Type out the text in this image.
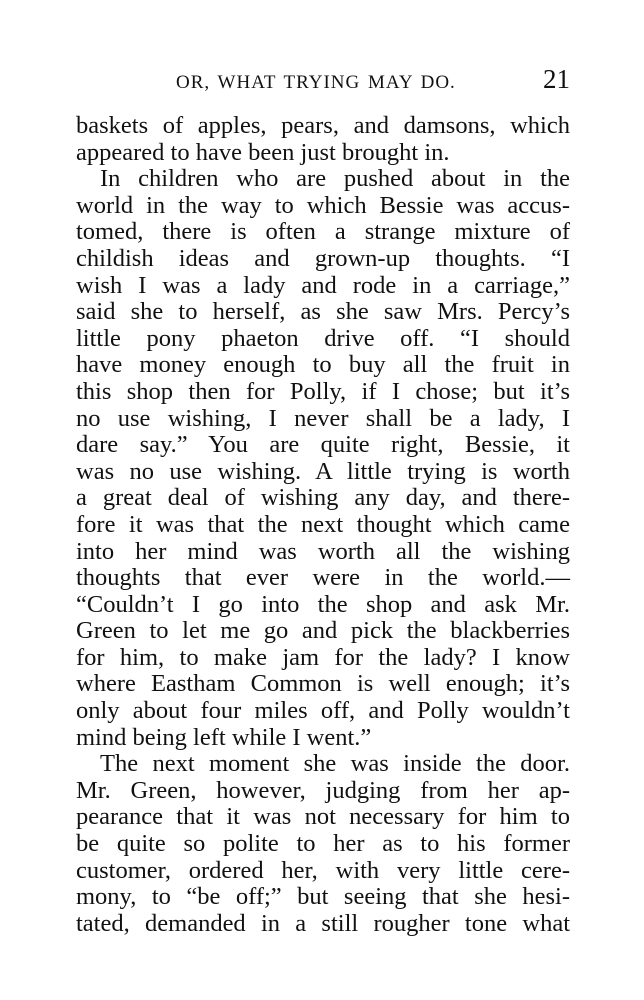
OR, WHAT TRYING MAY DO.	21
baskets of apples, pears, and damsons, which
appeared to have been just brought in.
In children who are pushed about in the
world in the way to which Bessie was accus-
tomed, there is often a strange mixture of
childish ideas and grown-up thoughts. “I
wish I was a lady and rode in a carriage,”
said she to herself, as she saw Mrs. Percy’s
little pony phaeton drive off. “I should
have money enough to buy all the fruit in
this shop then for Polly, if I chose; but it’s
no use wishing, I never shall be a lady, I
dare say.” You are quite right, Bessie, it
was no use wishing. A little trying is worth
a great deal of wishing any day, and there-
fore it was that the next thought which came
into her mind was worth all the wishing
thoughts that ever were in the world.—
“Couldn’t I go into the shop and ask Mr.
Green to let me go and pick the blackberries
for him, to make jam for the lady? I know
where Eastham Common is well enough; it’s
only about four miles off, and Polly wouldn’t
mind being left while I went.”
The next moment she was inside the door.
Mr. Green, however, judging from her ap-
pearance that it was not necessary for him to
be quite so polite to her as to his former
customer, ordered her, with very little cere-
mony, to “be off;” but seeing that she hesi-
tated, demanded in a still rougher tone what
